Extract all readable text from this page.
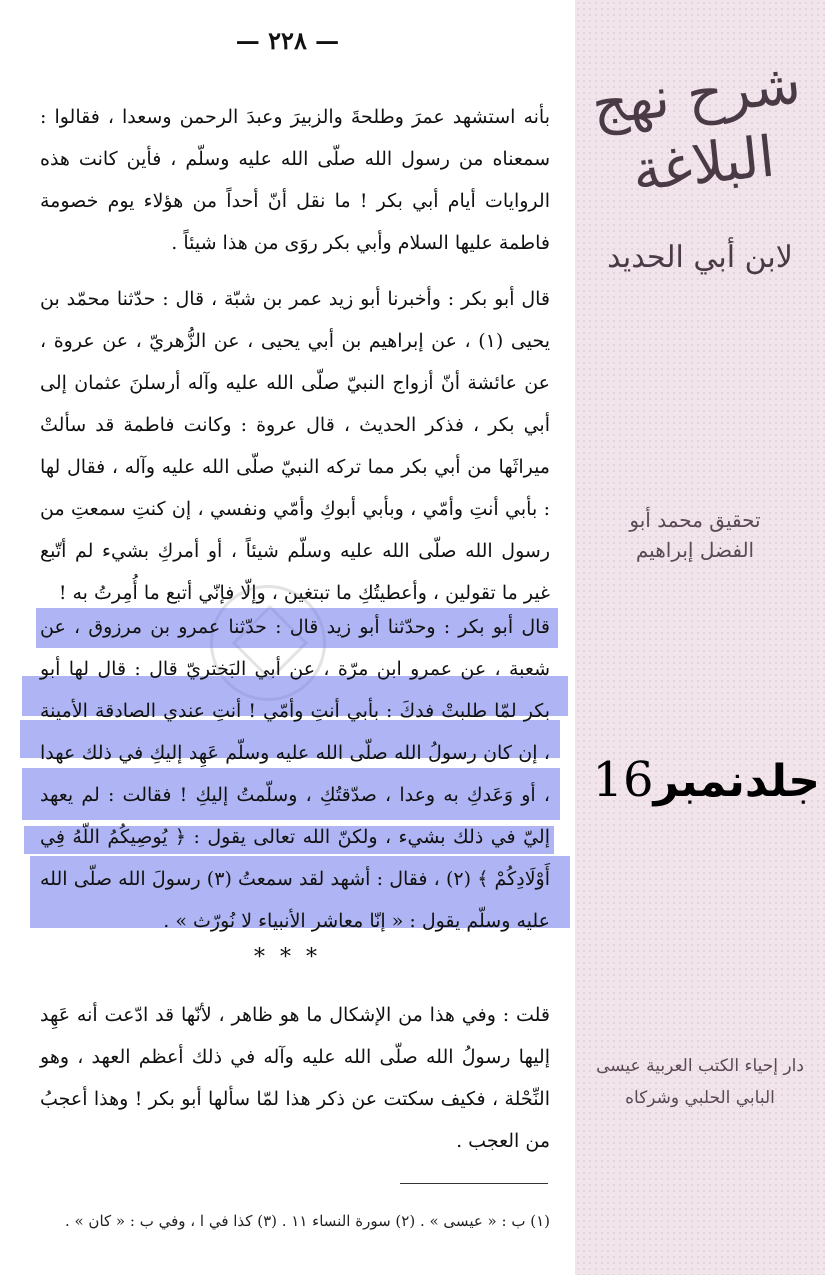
— ٢٢٨ —
بأنه استشهد عمرَ وطلحةَ والزبيرَ وعبدَ الرحمن وسعدا ، فقالوا : سمعناه من رسول الله صلّى الله عليه وسلّم ، فأين كانت هذه الروايات أيام أبي بكر ! ما نقل أنّ أحداً من هؤلاء يوم خصومة فاطمة عليها السلام وأبي بكر روَى من هذا شيئاً .
قال أبو بكر : وأخبرنا أبو زيد عمر بن شبّة ، قال : حدّثنا محمّد بن يحيى (١) ، عن إبراهيم بن أبي يحيى ، عن الزُّهريّ ، عن عروة ، عن عائشة أنّ أزواج النبيّ صلّى الله عليه وآله أرسلنَ عثمان إلى أبي بكر ، فذكر الحديث ، قال عروة : وكانت فاطمة قد سألتْ ميراثَها من أبي بكر مما تركه النبيّ صلّى الله عليه وآله ، فقال لها : بأبي أنتِ وأمّي ، وبأبي أبوكِ وأمّي ونفسي ، إن كنتِ سمعتِ من رسول الله صلّى الله عليه وسلّم شيئاً ، أو أمركِ بشيء لم أتّبع غير ما تقولين ، وأعطيتُكِ ما تبتغين ، وإلّا فإنّي أتبع ما أُمِرتُ به !
قال أبو بكر : وحدّثنا أبو زيد قال : حدّثنا عمرو بن مرزوق ، عن شعبة ، عن عمرو ابن مرّة ، عن أبي البَختريّ قال : قال لها أبو بكر لمّا طلبتْ فدكَ : بأبي أنتِ وأمّي ! أنتِ عندي الصادقة الأمينة ، إن كان رسولُ الله صلّى الله عليه وسلّم عَهِد إليكِ في ذلك عهدا ، أو وَعَدكِ به وعدا ، صدّقتُكِ ، وسلّمتُ إليكِ ! فقالت : لم يعهد إليّ في ذلك بشيء ، ولكنّ الله تعالى يقول : ﴿ يُوصِيكُمُ اللّهُ فِي أَوْلَادِكُمْ ﴾ (٢) ، فقال : أشهد لقد سمعتُ (٣) رسولَ الله صلّى الله عليه وسلّم يقول : « إنّا معاشر الأنبياء لا نُورّث » .
* * *
قلت : وفي هذا من الإشكال ما هو ظاهر ، لأنّها قد ادّعت أنه عَهِد إليها رسولُ الله صلّى الله عليه وآله في ذلك أعظم العهد ، وهو النِّحْلة ، فكيف سكتت عن ذكر هذا لمّا سألها أبو بكر ! وهذا أعجبُ من العجب .
(١) ب : « عيسى » . (٢) سورة النساء ١١ . (٣) كذا في ا ، وفي ب : « كان » .
شرح نهج البلاغة
لابن أبي الحديد
تحقيق محمد أبو الفضل إبراهيم
دار إحياء الكتب العربية عيسى البابي الحلبي وشركاه
جلدنمبر16
